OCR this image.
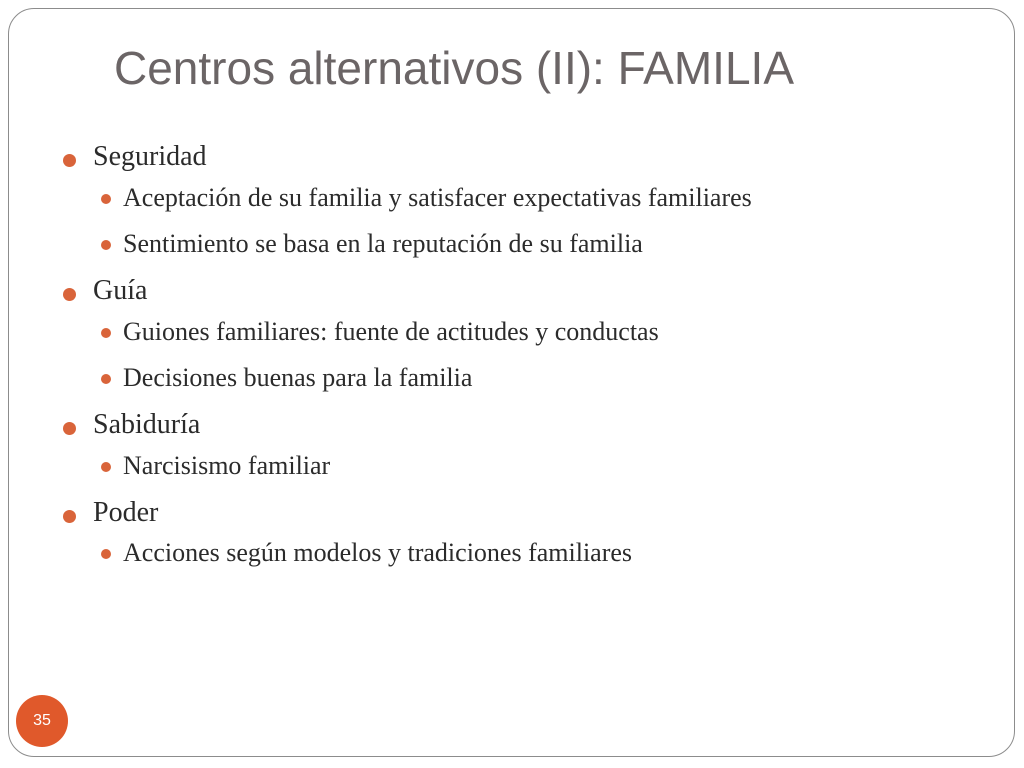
Centros alternativos (II): FAMILIA
Seguridad
Aceptación de su familia y satisfacer expectativas familiares
Sentimiento se basa en la reputación de su familia
Guía
Guiones familiares: fuente de actitudes y conductas
Decisiones buenas para la familia
Sabiduría
Narcisismo familiar
Poder
Acciones según modelos y tradiciones familiares
35
